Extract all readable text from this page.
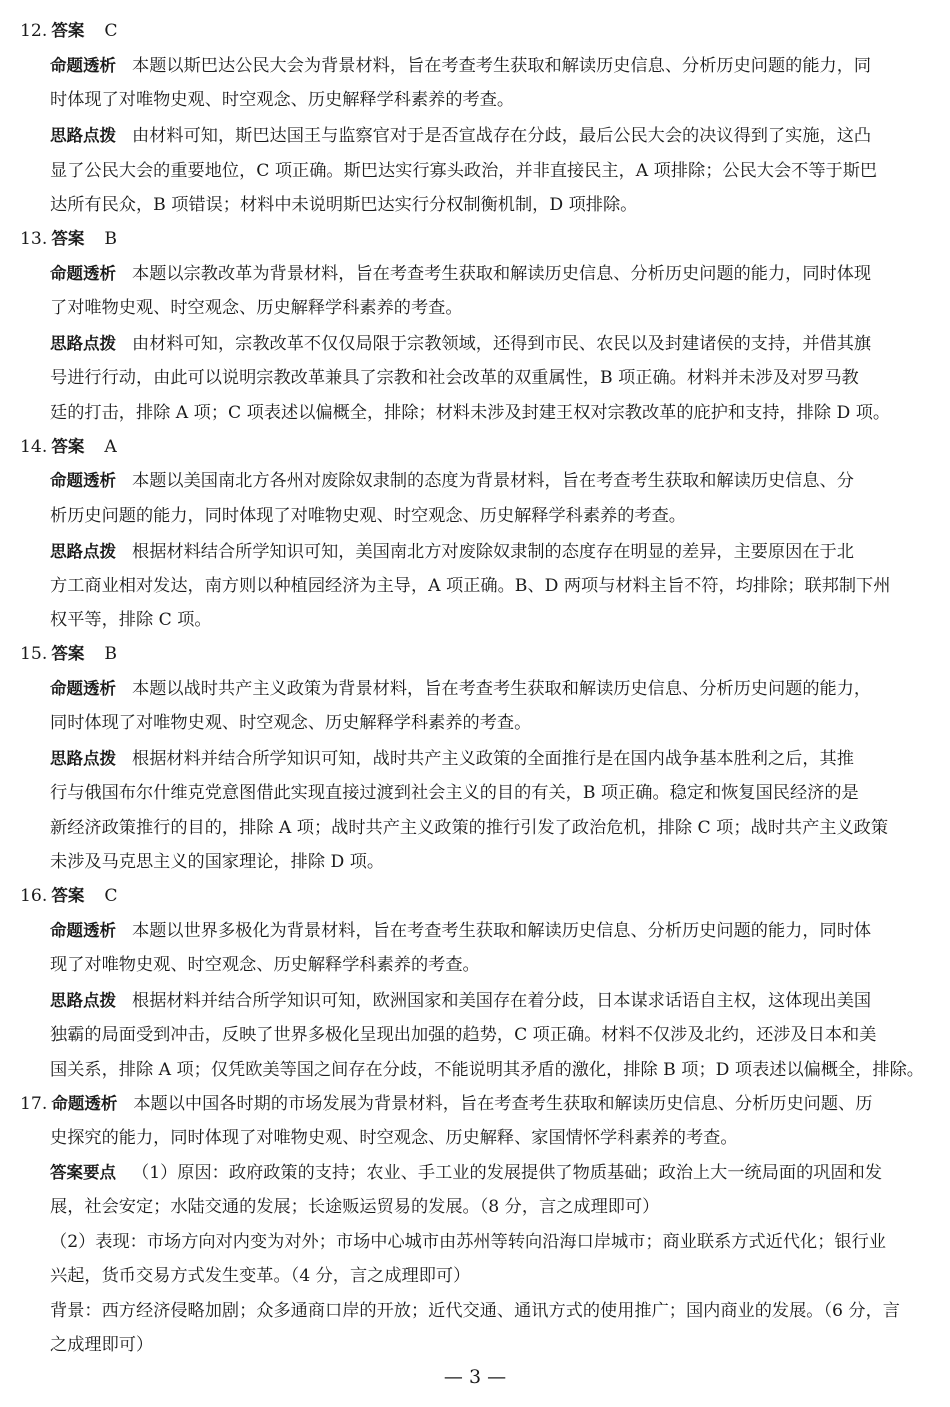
12. 答案 C
命题透析 本题以斯巴达公民大会为背景材料，旨在考查考生获取和解读历史信息、分析历史问题的能力，同
时体现了对唯物史观、时空观念、历史解释学科素养的考查。
思路点拨 由材料可知，斯巴达国王与监察官对于是否宣战存在分歧，最后公民大会的决议得到了实施，这凸
显了公民大会的重要地位，C 项正确。斯巴达实行寡头政治，并非直接民主，A 项排除；公民大会不等于斯巴
达所有民众，B 项错误；材料中未说明斯巴达实行分权制衡机制，D 项排除。
13. 答案 B
命题透析 本题以宗教改革为背景材料，旨在考查考生获取和解读历史信息、分析历史问题的能力，同时体现
了对唯物史观、时空观念、历史解释学科素养的考查。
思路点拨 由材料可知，宗教改革不仅仅局限于宗教领域，还得到市民、农民以及封建诸侯的支持，并借其旗
号进行行动，由此可以说明宗教改革兼具了宗教和社会改革的双重属性，B 项正确。材料并未涉及对罗马教
廷的打击，排除 A 项；C 项表述以偏概全，排除；材料未涉及封建王权对宗教改革的庇护和支持，排除 D 项。
14. 答案 A
命题透析 本题以美国南北方各州对废除奴隶制的态度为背景材料，旨在考查考生获取和解读历史信息、分
析历史问题的能力，同时体现了对唯物史观、时空观念、历史解释学科素养的考查。
思路点拨 根据材料结合所学知识可知，美国南北方对废除奴隶制的态度存在明显的差异，主要原因在于北
方工商业相对发达，南方则以种植园经济为主导，A 项正确。B、D 两项与材料主旨不符，均排除；联邦制下州
权平等，排除 C 项。
15. 答案 B
命题透析 本题以战时共产主义政策为背景材料，旨在考查考生获取和解读历史信息、分析历史问题的能力，
同时体现了对唯物史观、时空观念、历史解释学科素养的考查。
思路点拨 根据材料并结合所学知识可知，战时共产主义政策的全面推行是在国内战争基本胜利之后，其推
行与俄国布尔什维克党意图借此实现直接过渡到社会主义的目的有关，B 项正确。稳定和恢复国民经济的是
新经济政策推行的目的，排除 A 项；战时共产主义政策的推行引发了政治危机，排除 C 项；战时共产主义政策
未涉及马克思主义的国家理论，排除 D 项。
16. 答案 C
命题透析 本题以世界多极化为背景材料，旨在考查考生获取和解读历史信息、分析历史问题的能力，同时体
现了对唯物史观、时空观念、历史解释学科素养的考查。
思路点拨 根据材料并结合所学知识可知，欧洲国家和美国存在着分歧，日本谋求话语自主权，这体现出美国
独霸的局面受到冲击，反映了世界多极化呈现出加强的趋势，C 项正确。材料不仅涉及北约，还涉及日本和美
国关系，排除 A 项；仅凭欧美等国之间存在分歧，不能说明其矛盾的激化，排除 B 项；D 项表述以偏概全，排除。
17. 命题透析 本题以中国各时期的市场发展为背景材料，旨在考查考生获取和解读历史信息、分析历史问题、历
史探究的能力，同时体现了对唯物史观、时空观念、历史解释、家国情怀学科素养的考查。
答案要点 （1）原因：政府政策的支持；农业、手工业的发展提供了物质基础；政治上大一统局面的巩固和发
展，社会安定；水陆交通的发展；长途贩运贸易的发展。（8 分，言之成理即可）
（2）表现：市场方向对内变为对外；市场中心城市由苏州等转向沿海口岸城市；商业联系方式近代化；银行业
兴起，货币交易方式发生变革。（4 分，言之成理即可）
背景：西方经济侵略加剧；众多通商口岸的开放；近代交通、通讯方式的使用推广；国内商业的发展。（6 分，言
之成理即可）
— 3 —
